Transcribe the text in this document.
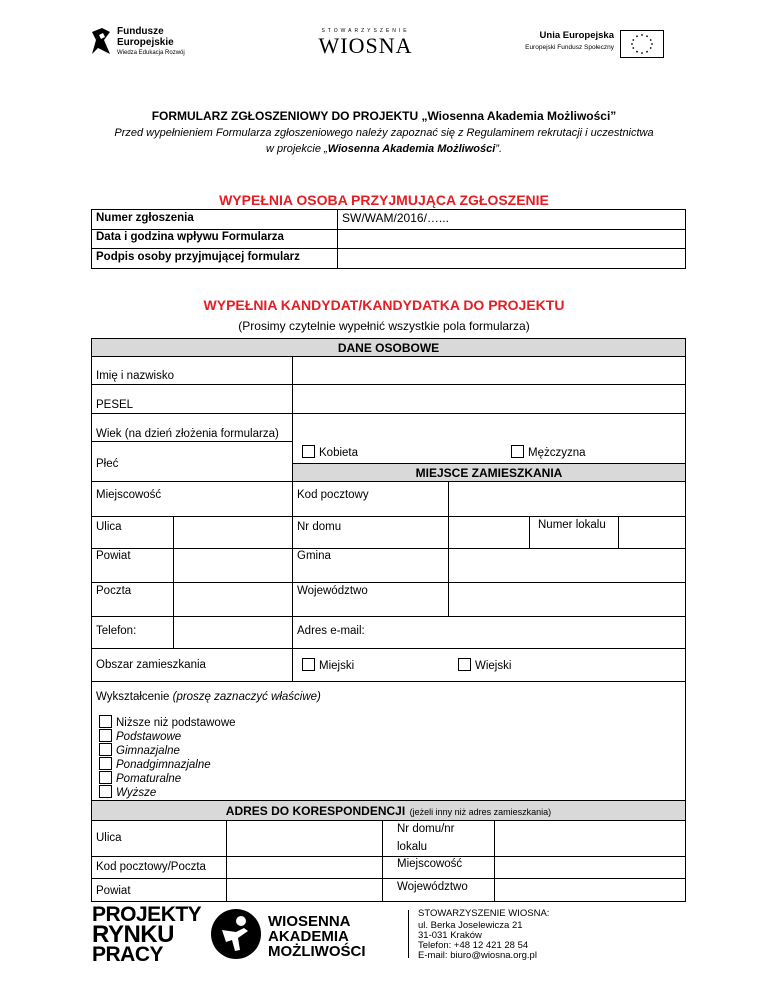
Fundusze
Europejskie
Wiedza Edukacja Rozwój
STOWARZYSZENIE
WIOSNA	Unia Europejska
Europejski Fundusz Społeczny
FORMULARZ ZGŁOSZENIOWY DO PROJEKTU „Wiosenna Akademia Możliwości”
Przed wypełnieniem Formularza zgłoszeniowego należy zapoznać się z Regulaminem rekrutacji i uczestnictwa
w projekcie „Wiosenna Akademia Możliwości”.
WYPEŁNIA OSOBA PRZYJMUJĄCA ZGŁOSZENIE
Numer zgłoszenia	SW/WAM/2016/…...
Data i godzina wpływu Formularza
Podpis osoby przyjmującej formularz
WYPEŁNIA KANDYDAT/KANDYDATKA DO PROJEKTU
(Prosimy czytelnie wypełnić wszystkie pola formularza)
DANE OSOBOWE
Imię i nazwisko
PESEL
Wiek (na dzień złożenia formularza)
Płeć
Kobieta	Mężczyzna
MIEJSCE ZAMIESZKANIA
Miejscowość	Kod pocztowy
Ulica	Nr domu	Numer lokalu
Powiat	Gmina
Poczta	Województwo
Telefon:	Adres e-mail:
Obszar zamieszkania	Miejski	Wiejski
Wykształcenie (proszę zaznaczyć właściwe)
Niższe niż podstawowe
Podstawowe
Gimnazjalne
Ponadgimnazjalne
Pomaturalne
Wyższe
ADRES DO KORESPONDENCJI (jeżeli inny niż adres zamieszkania)
Ulica
Nr domu/nr
lokalu
Kod pocztowy/Poczta	Miejscowość
Powiat	Województwo
PROJEKTY
RYNKU
PRACY
WIOSENNA
AKADEMIA
MOŻLIWOŚCI
STOWARZYSZENIE WIOSNA:
ul. Berka Joselewicza 21
31-031 Kraków
Telefon: +48 12 421 28 54
E-mail: biuro@wiosna.org.pl
